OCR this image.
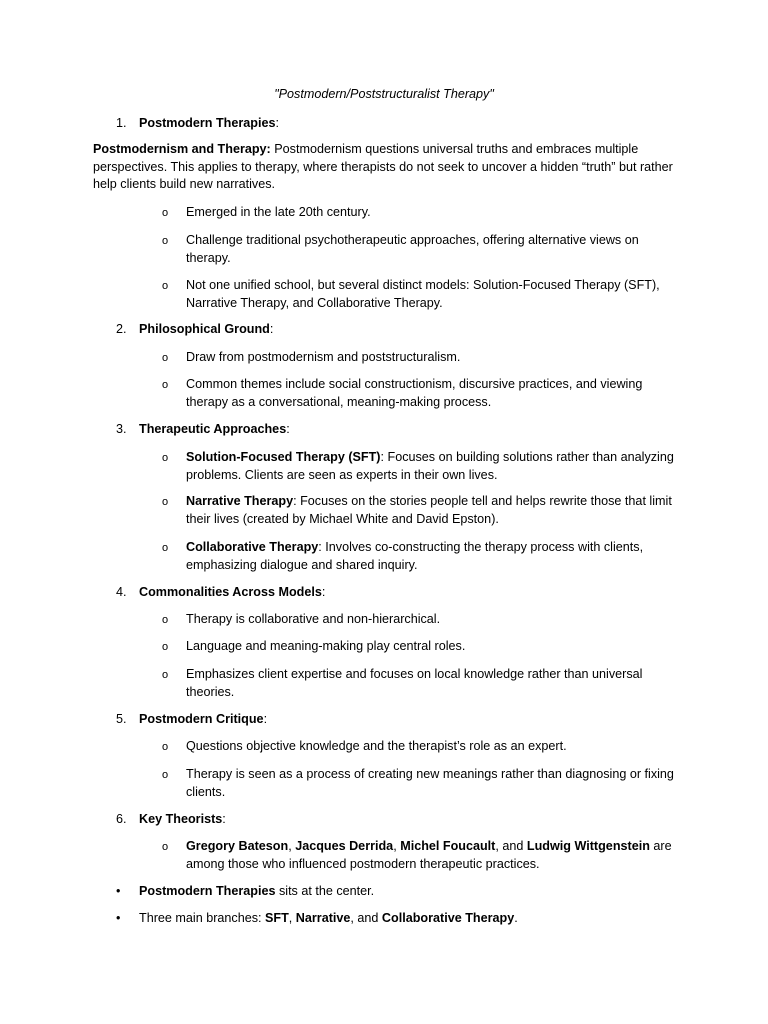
"Postmodern/Poststructuralist Therapy"

1. Postmodern Therapies:

Postmodernism and Therapy: Postmodernism questions universal truths and embraces multiple perspectives. This applies to therapy, where therapists do not seek to uncover a hidden “truth” but rather help clients build new narratives.

o	Emerged in the late 20th century.

o	Challenge traditional psychotherapeutic approaches, offering alternative views on therapy.

o	Not one unified school, but several distinct models: Solution-Focused Therapy (SFT), Narrative Therapy, and Collaborative Therapy.

2. Philosophical Ground:

o	Draw from postmodernism and poststructuralism.

o	Common themes include social constructionism, discursive practices, and viewing therapy as a conversational, meaning-making process.

3. Therapeutic Approaches:

o	Solution-Focused Therapy (SFT): Focuses on building solutions rather than analyzing problems. Clients are seen as experts in their own lives.

o	Narrative Therapy: Focuses on the stories people tell and helps rewrite those that limit their lives (created by Michael White and David Epston).

o	Collaborative Therapy: Involves co-constructing the therapy process with clients, emphasizing dialogue and shared inquiry.

4. Commonalities Across Models:

o	Therapy is collaborative and non-hierarchical.

o	Language and meaning-making play central roles.

o	Emphasizes client expertise and focuses on local knowledge rather than universal theories.

5. Postmodern Critique:

o	Questions objective knowledge and the therapist’s role as an expert.

o	Therapy is seen as a process of creating new meanings rather than diagnosing or fixing clients.

6. Key Theorists:

o	Gregory Bateson, Jacques Derrida, Michel Foucault, and Ludwig Wittgenstein are among those who influenced postmodern therapeutic practices.

•	Postmodern Therapies sits at the center.

•	Three main branches: SFT, Narrative, and Collaborative Therapy.
